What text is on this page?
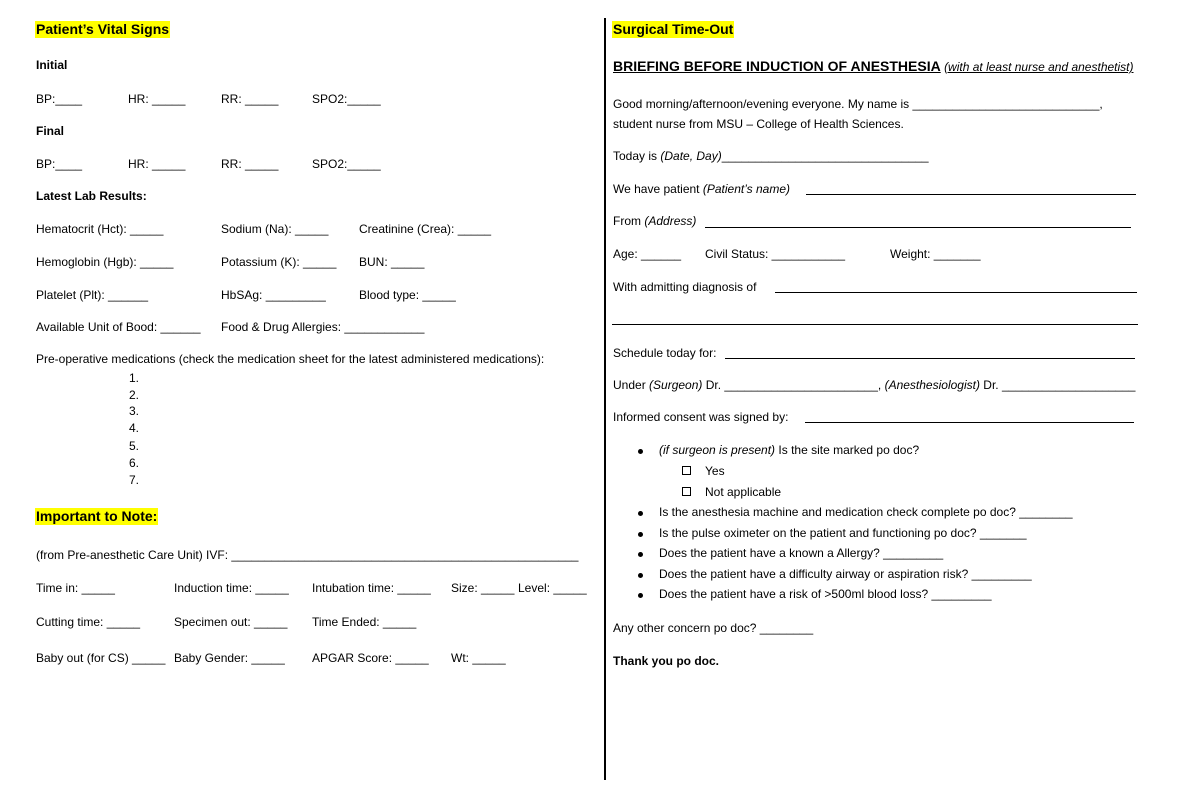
Patient’s Vital Signs
Initial
BP:____	HR: _____	RR: _____	SPO2:_____
Final
BP:____	HR: _____	RR: _____	SPO2:_____
Latest Lab Results:
Hematocrit (Hct): _____	Sodium (Na): _____	Creatinine (Crea): _____
Hemoglobin (Hgb): _____	Potassium (K): _____ BUN: _____
Platelet (Plt): ______	HbSAg: _________	Blood type: _____
Available Unit of Bood: ______ Food & Drug Allergies: ____________
Pre-operative medications (check the medication sheet for the latest administered medications):
1.
2.
3.
4.
5.
6.
7.
Important to Note:
(from Pre-anesthetic Care Unit) IVF: ____________________________________________________
Time in: _____	Induction time: _____ Intubation time: _____ Size: _____ Level: _____
Cutting time: _____	Specimen out: _____ Time Ended: _____
Baby out (for CS) _____ Baby Gender: _____ APGAR Score: _____ Wt: _____
Surgical Time-Out
BRIEFING BEFORE INDUCTION OF ANESTHESIA (with at least nurse and anesthetist)
Good morning/afternoon/evening everyone. My name is ____________________________,
student nurse from MSU – College of Health Sciences.
Today is (Date, Day)_______________________________
We have patient (Patient’s name)
From (Address)
Age: ______ Civil Status: ___________	Weight: _______
With admitting diagnosis of
Schedule today for:
Under (Surgeon) Dr. _______________________, (Anesthesiologist) Dr. ____________________
Informed consent was signed by:
(if surgeon is present) Is the site marked po doc?
Yes
Not applicable
Is the anesthesia machine and medication check complete po doc? ________
Is the pulse oximeter on the patient and functioning po doc? _______
Does the patient have a known a Allergy? _________
Does the patient have a difficulty airway or aspiration risk? _________
Does the patient have a risk of >500ml blood loss? _________
Any other concern po doc? ________
Thank you po doc.
